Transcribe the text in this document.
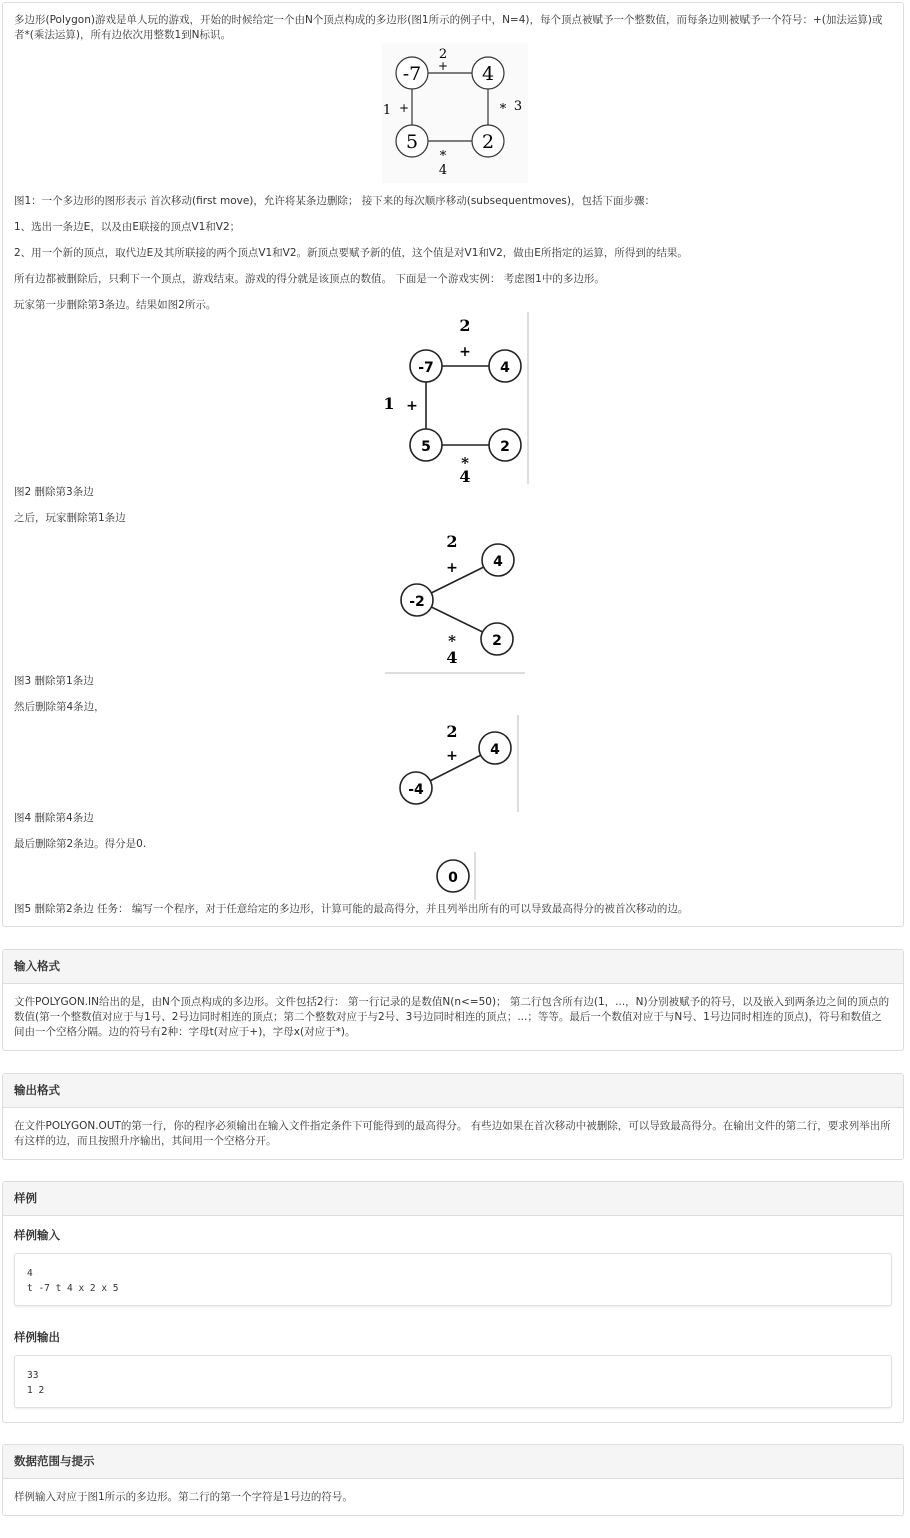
多边形(Polygon)游戏是单人玩的游戏，开始的时候给定一个由N个顶点构成的多边形(图1所示的例子中，N=4)，每个顶点被赋予一个整数值，而每条边则被赋予一个符号：+(加法运算)或者*(乘法运算)，所有边依次用整数1到N标识。

-7	4
5	2
2
+
1 +	* 3
*
4

图1：一个多边形的图形表示 首次移动(first move)，允许将某条边删除； 接下来的每次顺序移动(subsequentmoves)，包括下面步骤：

1、选出一条边E，以及由E联接的顶点V1和V2；

2、用一个新的顶点，取代边E及其所联接的两个顶点V1和V2。新顶点要赋予新的值，这个值是对V1和V2，做由E所指定的运算，所得到的结果。

所有边都被删除后，只剩下一个顶点，游戏结束。游戏的得分就是该顶点的数值。 下面是一个游戏实例： 考虑图1中的多边形。

玩家第一步删除第3条边。结果如图2所示。

-7	4
5	2
2
+
1 +
*
4

图2 删除第3条边

之后，玩家删除第1条边

-2
4
2
2
+
*
4

图3 删除第1条边

然后删除第4条边，

-4
4
2
+

图4 删除第4条边

最后删除第2条边。得分是0.

0

图5 删除第2条边 任务： 编写一个程序，对于任意给定的多边形，计算可能的最高得分，并且列举出所有的可以导致最高得分的被首次移动的边。

输入格式

文件POLYGON.IN给出的是，由N个顶点构成的多边形。文件包括2行： 第一行记录的是数值N(n<=50)； 第二行包含所有边(1，...，N)分别被赋予的符号，以及嵌入到两条边之间的顶点的数值(第一个整数值对应于与1号、2号边同时相连的顶点；第二个整数对应于与2号、3号边同时相连的顶点；...；等等。最后一个数值对应于与N号、1号边同时相连的顶点)，符号和数值之间由一个空格分隔。边的符号有2种：字母t(对应于+)，字母x(对应于*)。

输出格式

在文件POLYGON.OUT的第一行，你的程序必须输出在输入文件指定条件下可能得到的最高得分。 有些边如果在首次移动中被删除，可以导致最高得分。在输出文件的第二行，要求列举出所有这样的边，而且按照升序输出，其间用一个空格分开。

样例
样例输入
4
t -7 t 4 x 2 x 5
样例输出
33
1 2
数据范围与提示

样例输入对应于图1所示的多边形。第二行的第一个字符是1号边的符号。
